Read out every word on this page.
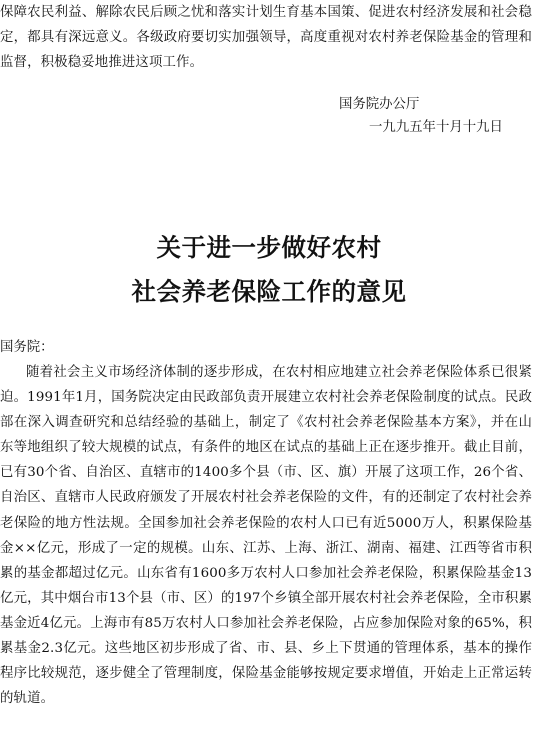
保障农民利益、解除农民后顾之忧和落实计划生育基本国策、促进农村经济发展和社会稳定，都具有深远意义。各级政府要切实加强领导，高度重视对农村养老保险基金的管理和监督，积极稳妥地推进这项工作。

国务院办公厅

一九九五年十月十九日

关于进一步做好农村
社会养老保险工作的意见

国务院：

随着社会主义市场经济体制的逐步形成，在农村相应地建立社会养老保险体系已很紧迫。1991年1月，国务院决定由民政部负责开展建立农村社会养老保险制度的试点。民政部在深入调查研究和总结经验的基础上，制定了《农村社会养老保险基本方案》，并在山东等地组织了较大规模的试点，有条件的地区在试点的基础上正在逐步推开。截止目前，已有30个省、自治区、直辖市的1400多个县（市、区、旗）开展了这项工作，26个省、自治区、直辖市人民政府颁发了开展农村社会养老保险的文件，有的还制定了农村社会养老保险的地方性法规。全国参加社会养老保险的农村人口已有近5000万人，积累保险基金××亿元，形成了一定的规模。山东、江苏、上海、浙江、湖南、福建、江西等省市积累的基金都超过亿元。山东省有1600多万农村人口参加社会养老保险，积累保险基金13亿元，其中烟台市13个县（市、区）的197个乡镇全部开展农村社会养老保险，全市积累基金近4亿元。上海市有85万农村人口参加社会养老保险，占应参加保险对象的65%，积累基金2.3亿元。这些地区初步形成了省、市、县、乡上下贯通的管理体系，基本的操作程序比较规范，逐步健全了管理制度，保险基金能够按规定要求增值，开始走上正常运转的轨道。
